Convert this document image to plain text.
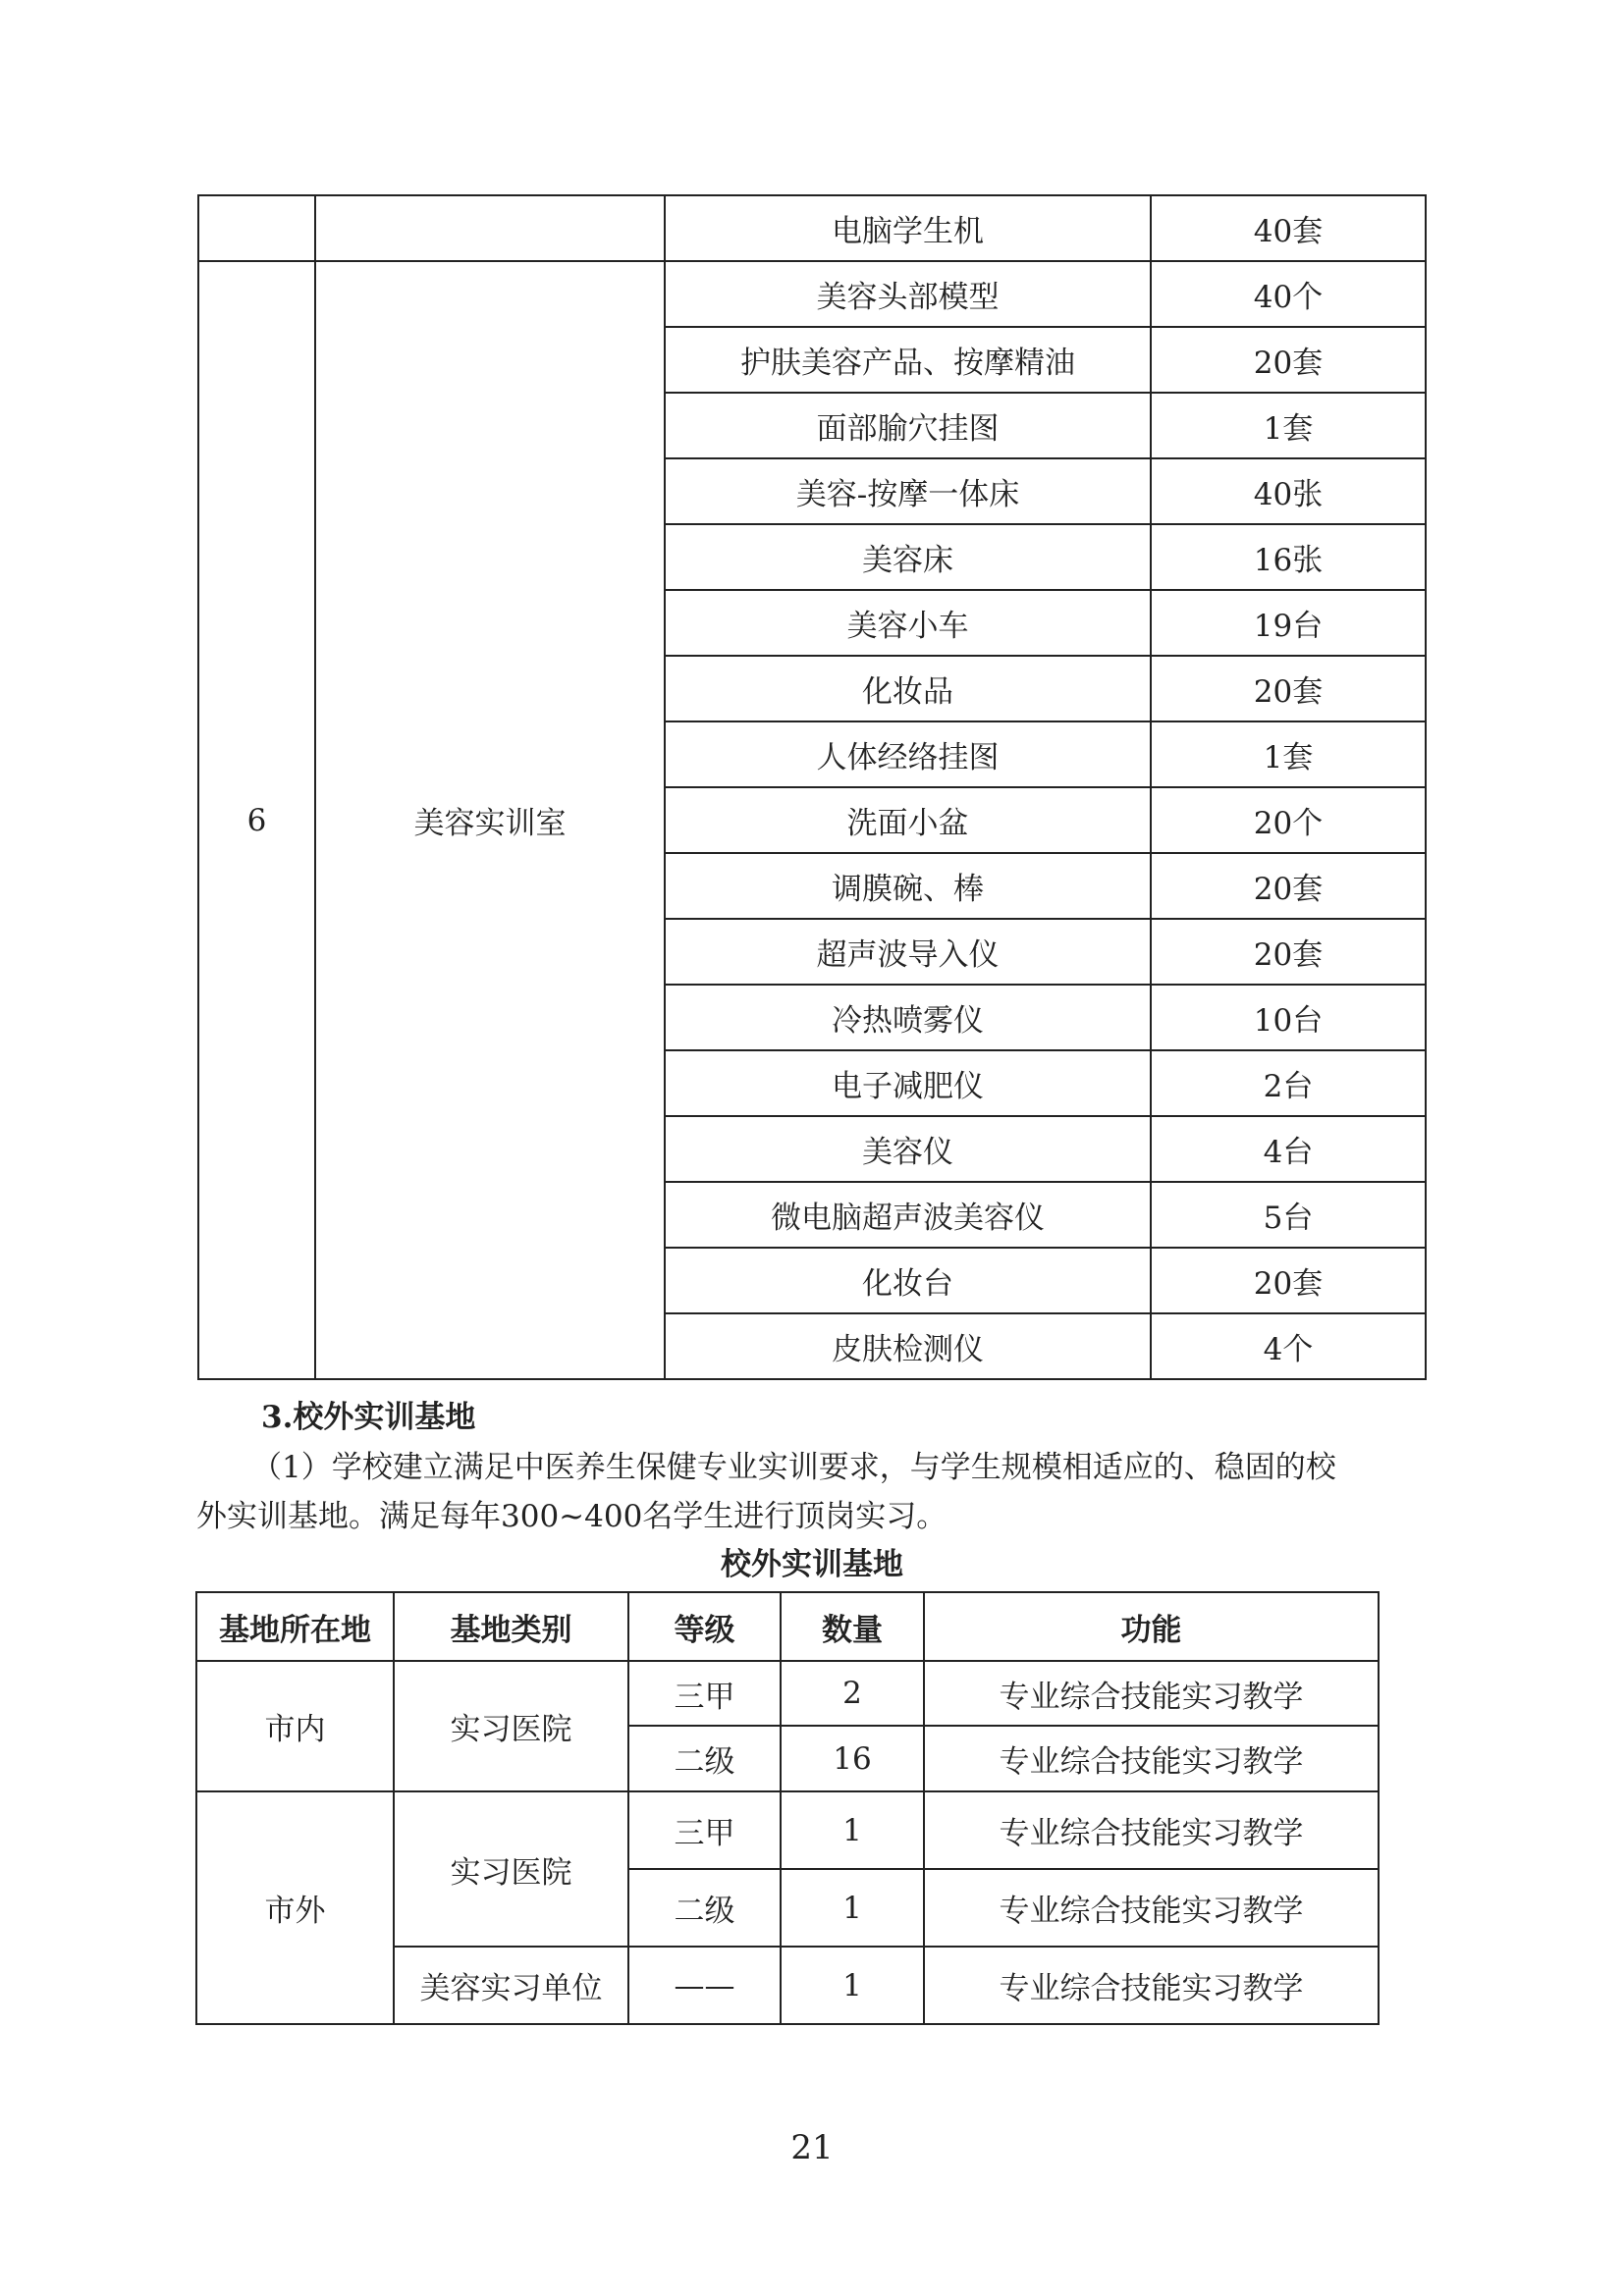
		电脑学生机	40套
6	美容实训室	美容头部模型	40个
		护肤美容产品、按摩精油	20套
		面部腧穴挂图	1套
		美容-按摩一体床	40张
		美容床	16张
		美容小车	19台
		化妆品	20套
		人体经络挂图	1套
		洗面小盆	20个
		调膜碗、棒	20套
		超声波导入仪	20套
		冷热喷雾仪	10台
		电子减肥仪	2台
		美容仪	4台
		微电脑超声波美容仪	5台
		化妆台	20套
		皮肤检测仪	4个
3.校外实训基地
（1）学校建立满足中医养生保健专业实训要求，与学生规模相适应的、稳固的校
外实训基地。满足每年300~400名学生进行顶岗实习。
校外实训基地
基地所在地	基地类别	等级	数量	功能
市内	实习医院	三甲	2	专业综合技能实习教学
		二级	16	专业综合技能实习教学
市外	实习医院	三甲	1	专业综合技能实习教学
		二级	1	专业综合技能实习教学
	美容实习单位	——	1	专业综合技能实习教学
21
